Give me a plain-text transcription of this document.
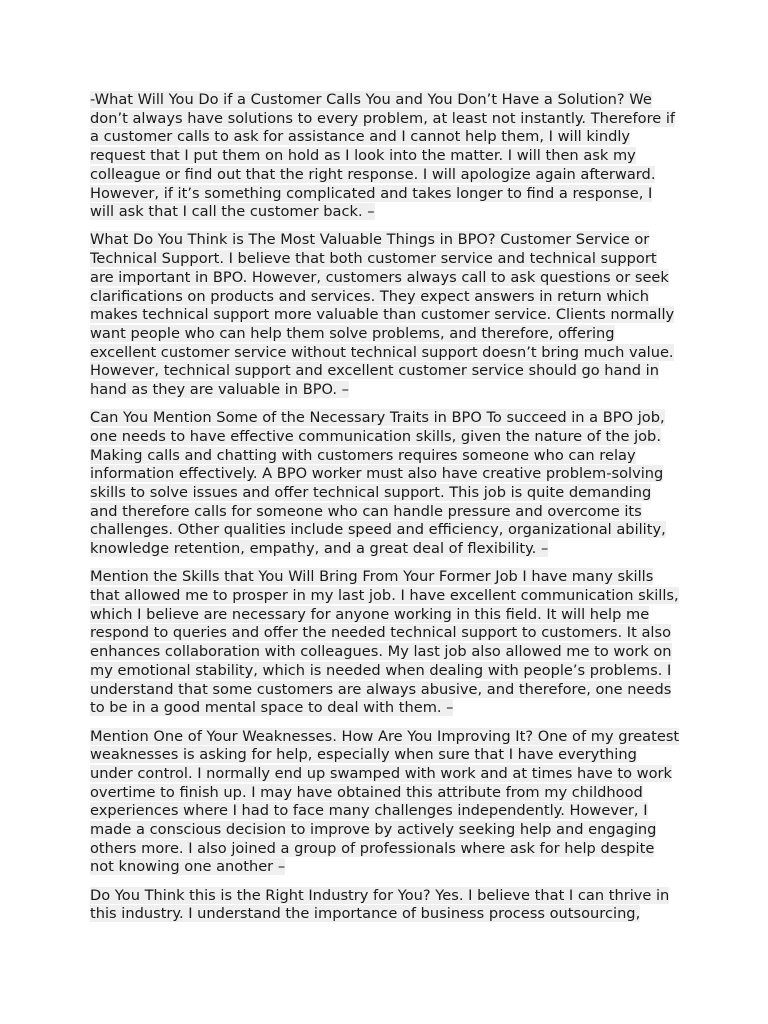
-What Will You Do if a Customer Calls You and You Don’t Have a Solution? We don’t always have solutions to every problem, at least not instantly. Therefore if a customer calls to ask for assistance and I cannot help them, I will kindly request that I put them on hold as I look into the matter. I will then ask my colleague or find out that the right response. I will apologize again afterward. However, if it’s something complicated and takes longer to find a response, I will ask that I call the customer back. –

What Do You Think is The Most Valuable Things in BPO? Customer Service or Technical Support. I believe that both customer service and technical support are important in BPO. However, customers always call to ask questions or seek clarifications on products and services. They expect answers in return which makes technical support more valuable than customer service. Clients normally want people who can help them solve problems, and therefore, offering excellent customer service without technical support doesn’t bring much value. However, technical support and excellent customer service should go hand in hand as they are valuable in BPO. –

Can You Mention Some of the Necessary Traits in BPO To succeed in a BPO job, one needs to have effective communication skills, given the nature of the job. Making calls and chatting with customers requires someone who can relay information effectively. A BPO worker must also have creative problem-solving skills to solve issues and offer technical support. This job is quite demanding and therefore calls for someone who can handle pressure and overcome its challenges. Other qualities include speed and efficiency, organizational ability, knowledge retention, empathy, and a great deal of flexibility. –

Mention the Skills that You Will Bring From Your Former Job I have many skills that allowed me to prosper in my last job. I have excellent communication skills, which I believe are necessary for anyone working in this field. It will help me respond to queries and offer the needed technical support to customers. It also enhances collaboration with colleagues. My last job also allowed me to work on my emotional stability, which is needed when dealing with people’s problems. I understand that some customers are always abusive, and therefore, one needs to be in a good mental space to deal with them. –

Mention One of Your Weaknesses. How Are You Improving It? One of my greatest weaknesses is asking for help, especially when sure that I have everything under control. I normally end up swamped with work and at times have to work overtime to finish up. I may have obtained this attribute from my childhood experiences where I had to face many challenges independently. However, I made a conscious decision to improve by actively seeking help and engaging others more. I also joined a group of professionals where ask for help despite not knowing one another –

Do You Think this is the Right Industry for You? Yes. I believe that I can thrive in this industry. I understand the importance of business process outsourcing,
